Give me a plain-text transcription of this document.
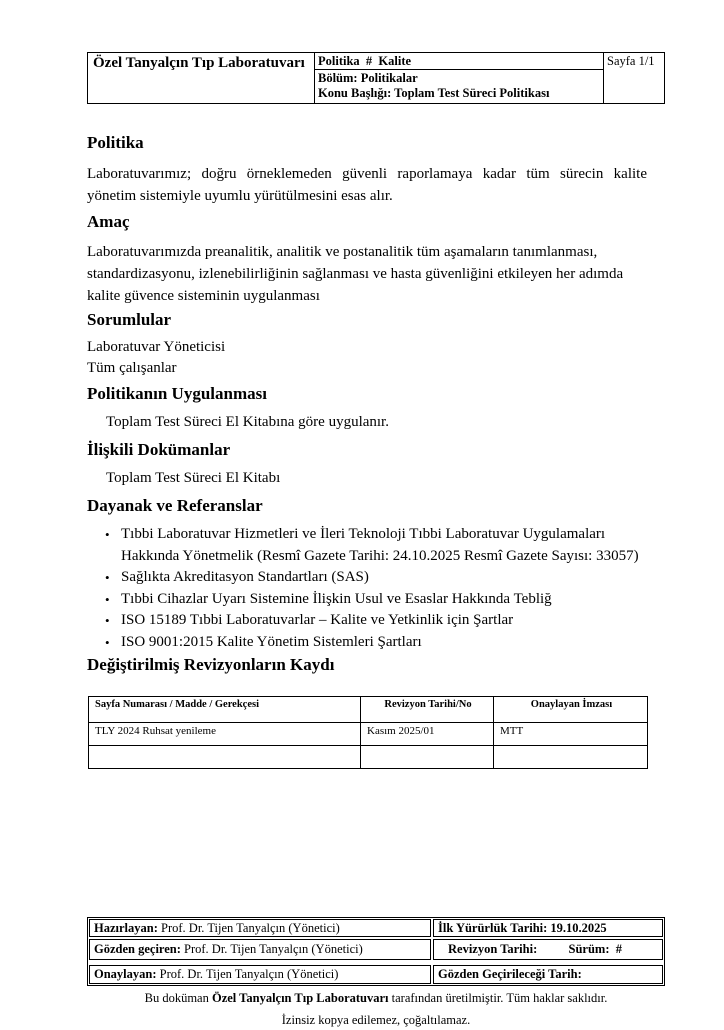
Özel Tanyalçın Tıp Laboratuvarı	Politika  #  Kalite
Bölüm: Politikalar
Konu Başlığı: Toplam Test Süreci Politikası
Sayfa 1/1
Politika
Laboratuvarımız; doğru örneklemeden güvenli raporlamaya kadar tüm sürecin kalite yönetim sistemiyle uyumlu yürütülmesini esas alır.
Amaç
Laboratuvarımızda preanalitik, analitik ve postanalitik tüm aşamaların tanımlanması, standardizasyonu, izlenebilirliğinin sağlanması ve hasta güvenliğini etkileyen her adımda kalite güvence sisteminin uygulanması
Sorumlular
Laboratuvar Yöneticisi
Tüm çalışanlar
Politikanın Uygulanması
Toplam Test Süreci El Kitabına göre uygulanır.
İlişkili Dokümanlar
Toplam Test Süreci El Kitabı
Dayanak ve Referanslar
• Tıbbi Laboratuvar Hizmetleri ve İleri Teknoloji Tıbbi Laboratuvar Uygulamaları Hakkında Yönetmelik (Resmî Gazete Tarihi: 24.10.2025 Resmî Gazete Sayısı: 33057)
• Sağlıkta Akreditasyon Standartları (SAS)
• Tıbbi Cihazlar Uyarı Sistemine İlişkin Usul ve Esaslar Hakkında Tebliğ
• ISO 15189 Tıbbi Laboratuvarlar – Kalite ve Yetkinlik için Şartlar
• ISO 9001:2015 Kalite Yönetim Sistemleri Şartları
Değiştirilmiş Revizyonların Kaydı
Sayfa Numarası / Madde / Gerekçesi	Revizyon Tarihi/No	Onaylayan İmzası
TLY 2024 Ruhsat yenileme	Kasım 2025/01	MTT

Hazırlayan: Prof. Dr. Tijen Tanyalçın (Yönetici)	İlk Yürürlük Tarihi: 19.10.2025
Gözden geçiren: Prof. Dr. Tijen Tanyalçın (Yönetici)	Revizyon Tarihi:	Sürüm:  #
Onaylayan: Prof. Dr. Tijen Tanyalçın (Yönetici)	Gözden Geçirileceği Tarih:
Bu doküman Özel Tanyalçın Tıp Laboratuvarı tarafından üretilmiştir. Tüm haklar saklıdır.
İzinsiz kopya edilemez, çoğaltılamaz.
